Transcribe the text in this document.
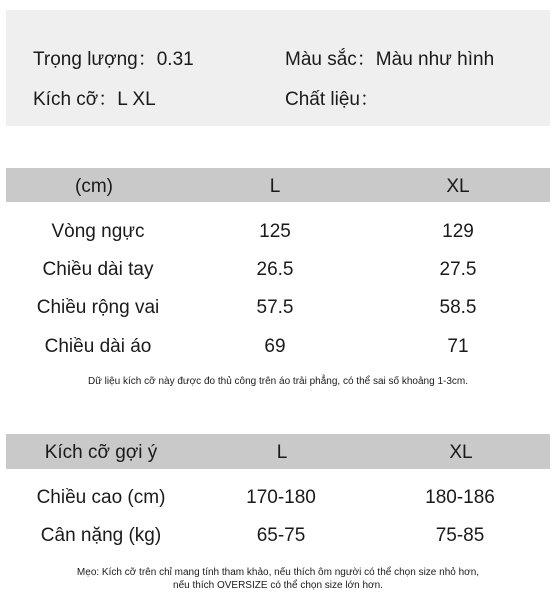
Trọng lượng：0.31	Màu sắc：Màu như hình
Kích cỡ：L XL	Chất liệu：
(cm)	L	XL
Vòng ngực	125	129
Chiều dài tay	26.5	27.5
Chiều rộng vai	57.5	58.5
Chiều dài áo	69	71
Dữ liệu kích cỡ này được đo thủ công trên áo trải phẳng, có thể sai số khoảng 1-3cm.
Kích cỡ gợi ý	L	XL
Chiều cao (cm)	170-180	180-186
Cân nặng (kg)	65-75	75-85
Mẹo: Kích cỡ trên chỉ mang tính tham khảo, nếu thích ôm người có thể chọn size nhỏ hơn,
nếu thích OVERSIZE có thể chọn size lớn hơn.
